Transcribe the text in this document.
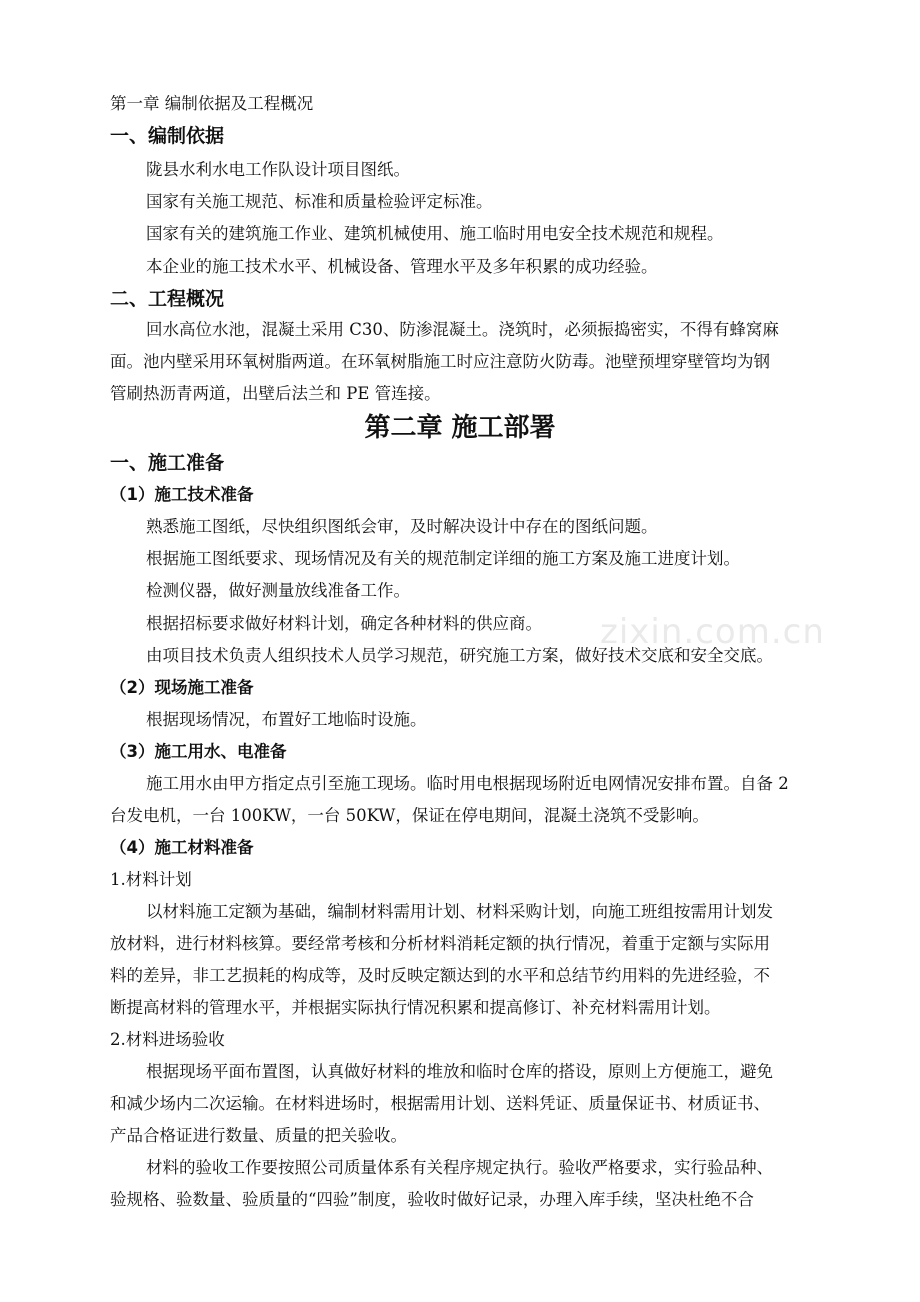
第一章 编制依据及工程概况
一、编制依据
陇县水利水电工作队设计项目图纸。
国家有关施工规范、标准和质量检验评定标准。
国家有关的建筑施工作业、建筑机械使用、施工临时用电安全技术规范和规程。
本企业的施工技术水平、机械设备、管理水平及多年积累的成功经验。
二、工程概况
回水高位水池，混凝土采用 C30、防渗混凝土。浇筑时，必须振捣密实，不得有蜂窝麻
面。池内壁采用环氧树脂两道。在环氧树脂施工时应注意防火防毒。池壁预埋穿壁管均为钢
管刷热沥青两道，出壁后法兰和 PE 管连接。
第二章 施工部署
一、施工准备
（1）施工技术准备
熟悉施工图纸，尽快组织图纸会审，及时解决设计中存在的图纸问题。
根据施工图纸要求、现场情况及有关的规范制定详细的施工方案及施工进度计划。
检测仪器，做好测量放线准备工作。
根据招标要求做好材料计划，确定各种材料的供应商。
由项目技术负责人组织技术人员学习规范，研究施工方案，做好技术交底和安全交底。
（2）现场施工准备
根据现场情况，布置好工地临时设施。
（3）施工用水、电准备
施工用水由甲方指定点引至施工现场。临时用电根据现场附近电网情况安排布置。自备 2
台发电机，一台 100KW，一台 50KW，保证在停电期间，混凝土浇筑不受影响。
（4）施工材料准备
1.材料计划
以材料施工定额为基础，编制材料需用计划、材料采购计划，向施工班组按需用计划发
放材料，进行材料核算。要经常考核和分析材料消耗定额的执行情况，着重于定额与实际用
料的差异，非工艺损耗的构成等，及时反映定额达到的水平和总结节约用料的先进经验，不
断提高材料的管理水平，并根据实际执行情况积累和提高修订、补充材料需用计划。
2.材料进场验收
根据现场平面布置图，认真做好材料的堆放和临时仓库的搭设，原则上方便施工，避免
和减少场内二次运输。在材料进场时，根据需用计划、送料凭证、质量保证书、材质证书、
产品合格证进行数量、质量的把关验收。
材料的验收工作要按照公司质量体系有关程序规定执行。验收严格要求，实行验品种、
验规格、验数量、验质量的“四验”制度，验收时做好记录，办理入库手续，坚决杜绝不合
zixin.com.cn
